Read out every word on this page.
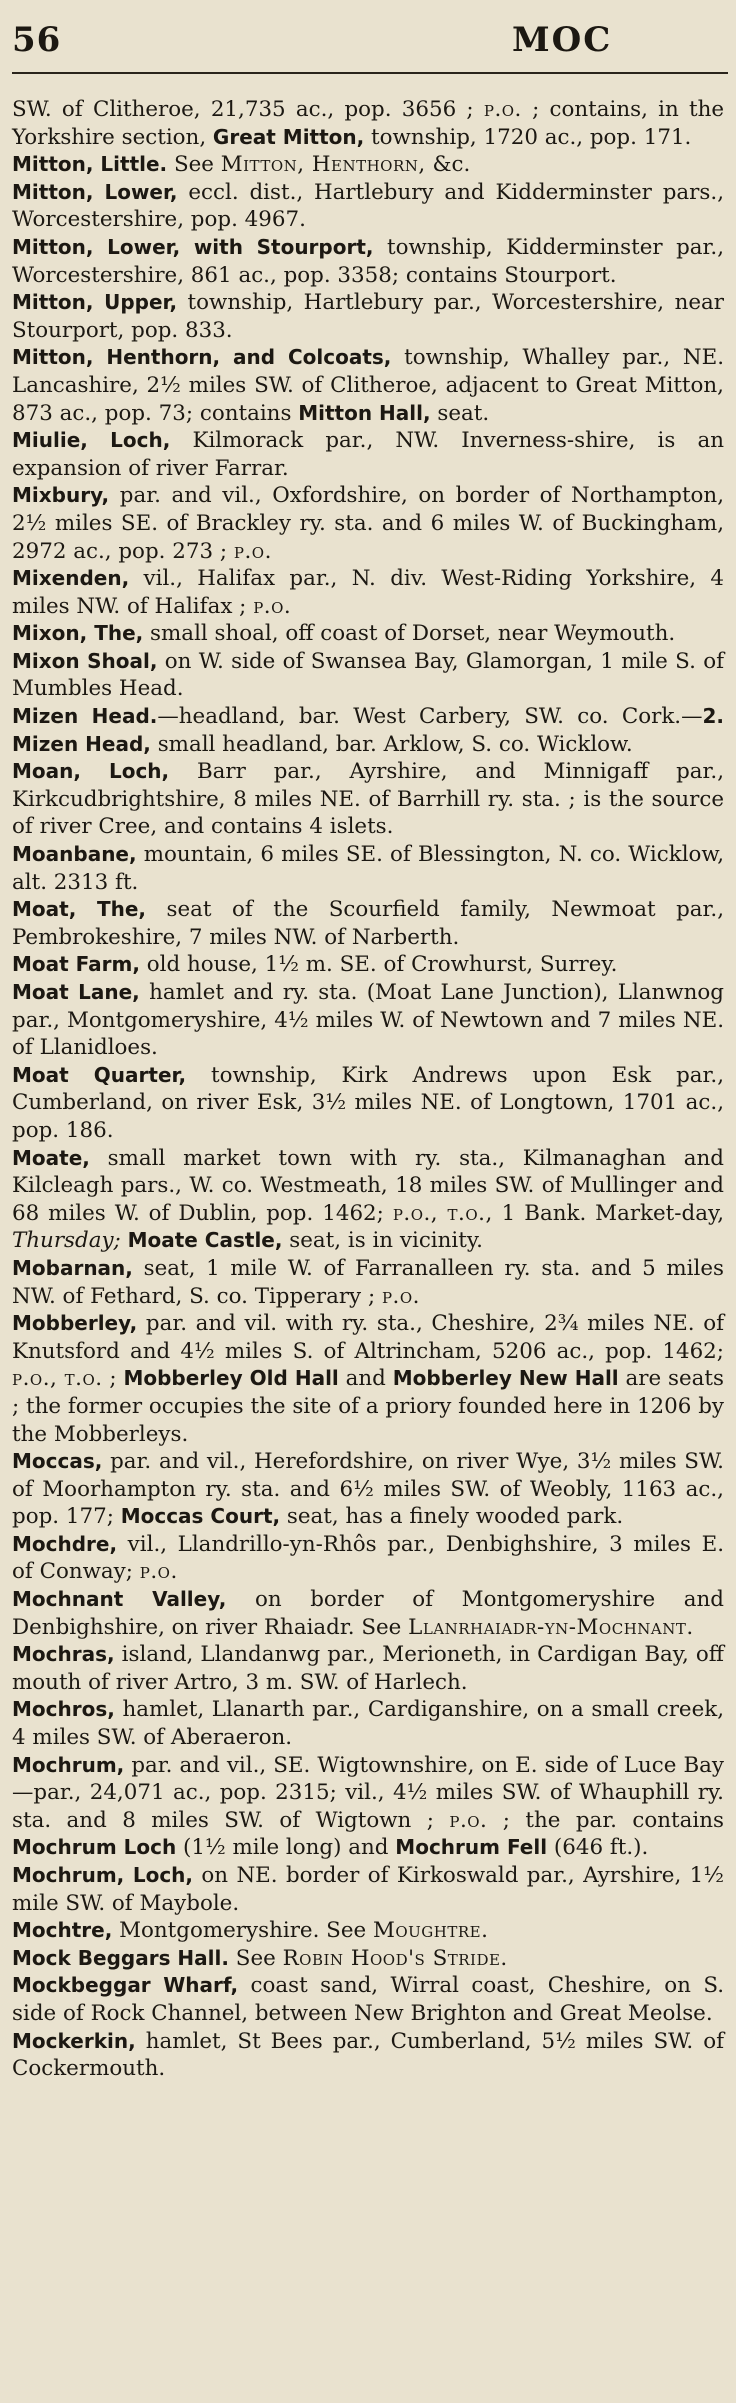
56	MOC

SW. of Clitheroe, 21,735 ac., pop. 3656 ; p.o. ; contains, in the Yorkshire section, Great Mitton, township, 1720 ac., pop. 171.

Mitton, Little. See Mitton, Henthorn, &c.

Mitton, Lower, eccl. dist., Hartlebury and Kidderminster pars., Worcestershire, pop. 4967.

Mitton, Lower, with Stourport, township, Kidderminster par., Worcestershire, 861 ac., pop. 3358; contains Stourport.

Mitton, Upper, township, Hartlebury par., Worcestershire, near Stourport, pop. 833.

Mitton, Henthorn, and Colcoats, township, Whalley par., NE. Lancashire, 2½ miles SW. of Clitheroe, adjacent to Great Mitton, 873 ac., pop. 73; contains Mitton Hall, seat.

Miulie, Loch, Kilmorack par., NW. Inverness-shire, is an expansion of river Farrar.

Mixbury, par. and vil., Oxfordshire, on border of Northampton, 2½ miles SE. of Brackley ry. sta. and 6 miles W. of Buckingham, 2972 ac., pop. 273 ; p.o.

Mixenden, vil., Halifax par., N. div. West-Riding Yorkshire, 4 miles NW. of Halifax ; p.o.

Mixon, The, small shoal, off coast of Dorset, near Weymouth.

Mixon Shoal, on W. side of Swansea Bay, Glamorgan, 1 mile S. of Mumbles Head.

Mizen Head.—headland, bar. West Carbery, SW. co. Cork.—2. Mizen Head, small headland, bar. Arklow, S. co. Wicklow.

Moan, Loch, Barr par., Ayrshire, and Minnigaff par., Kirkcudbrightshire, 8 miles NE. of Barrhill ry. sta. ; is the source of river Cree, and contains 4 islets.

Moanbane, mountain, 6 miles SE. of Blessington, N. co. Wicklow, alt. 2313 ft.

Moat, The, seat of the Scourfield family, Newmoat par., Pembrokeshire, 7 miles NW. of Narberth.

Moat Farm, old house, 1½ m. SE. of Crowhurst, Surrey.

Moat Lane, hamlet and ry. sta. (Moat Lane Junction), Llanwnog par., Montgomeryshire, 4½ miles W. of Newtown and 7 miles NE. of Llanidloes.

Moat Quarter, township, Kirk Andrews upon Esk par., Cumberland, on river Esk, 3½ miles NE. of Longtown, 1701 ac., pop. 186.

Moate, small market town with ry. sta., Kilmanaghan and Kilcleagh pars., W. co. Westmeath, 18 miles SW. of Mullinger and 68 miles W. of Dublin, pop. 1462; p.o., t.o., 1 Bank. Market-day, Thursday; Moate Castle, seat, is in vicinity.

Mobarnan, seat, 1 mile W. of Farranalleen ry. sta. and 5 miles NW. of Fethard, S. co. Tipperary ; p.o.

Mobberley, par. and vil. with ry. sta., Cheshire, 2¾ miles NE. of Knutsford and 4½ miles S. of Altrincham, 5206 ac., pop. 1462; p.o., t.o. ; Mobberley Old Hall and Mobberley New Hall are seats ; the former occupies the site of a priory founded here in 1206 by the Mobberleys.

Moccas, par. and vil., Herefordshire, on river Wye, 3½ miles SW. of Moorhampton ry. sta. and 6½ miles SW. of Weobly, 1163 ac., pop. 177; Moccas Court, seat, has a finely wooded park.

Mochdre, vil., Llandrillo-yn-Rhôs par., Denbighshire, 3 miles E. of Conway; p.o.

Mochnant Valley, on border of Montgomeryshire and Denbighshire, on river Rhaiadr. See Llanrhaiadr-yn-Mochnant.

Mochras, island, Llandanwg par., Merioneth, in Cardigan Bay, off mouth of river Artro, 3 m. SW. of Harlech.

Mochros, hamlet, Llanarth par., Cardiganshire, on a small creek, 4 miles SW. of Aberaeron.

Mochrum, par. and vil., SE. Wigtownshire, on E. side of Luce Bay—par., 24,071 ac., pop. 2315; vil., 4½ miles SW. of Whauphill ry. sta. and 8 miles SW. of Wigtown ; p.o. ; the par. contains Mochrum Loch (1½ mile long) and Mochrum Fell (646 ft.).

Mochrum, Loch, on NE. border of Kirkoswald par., Ayrshire, 1½ mile SW. of Maybole.

Mochtre, Montgomeryshire. See Moughtre.

Mock Beggars Hall. See Robin Hood's Stride.

Mockbeggar Wharf, coast sand, Wirral coast, Cheshire, on S. side of Rock Channel, between New Brighton and Great Meolse.

Mockerkin, hamlet, St Bees par., Cumberland, 5½ miles SW. of Cockermouth.
